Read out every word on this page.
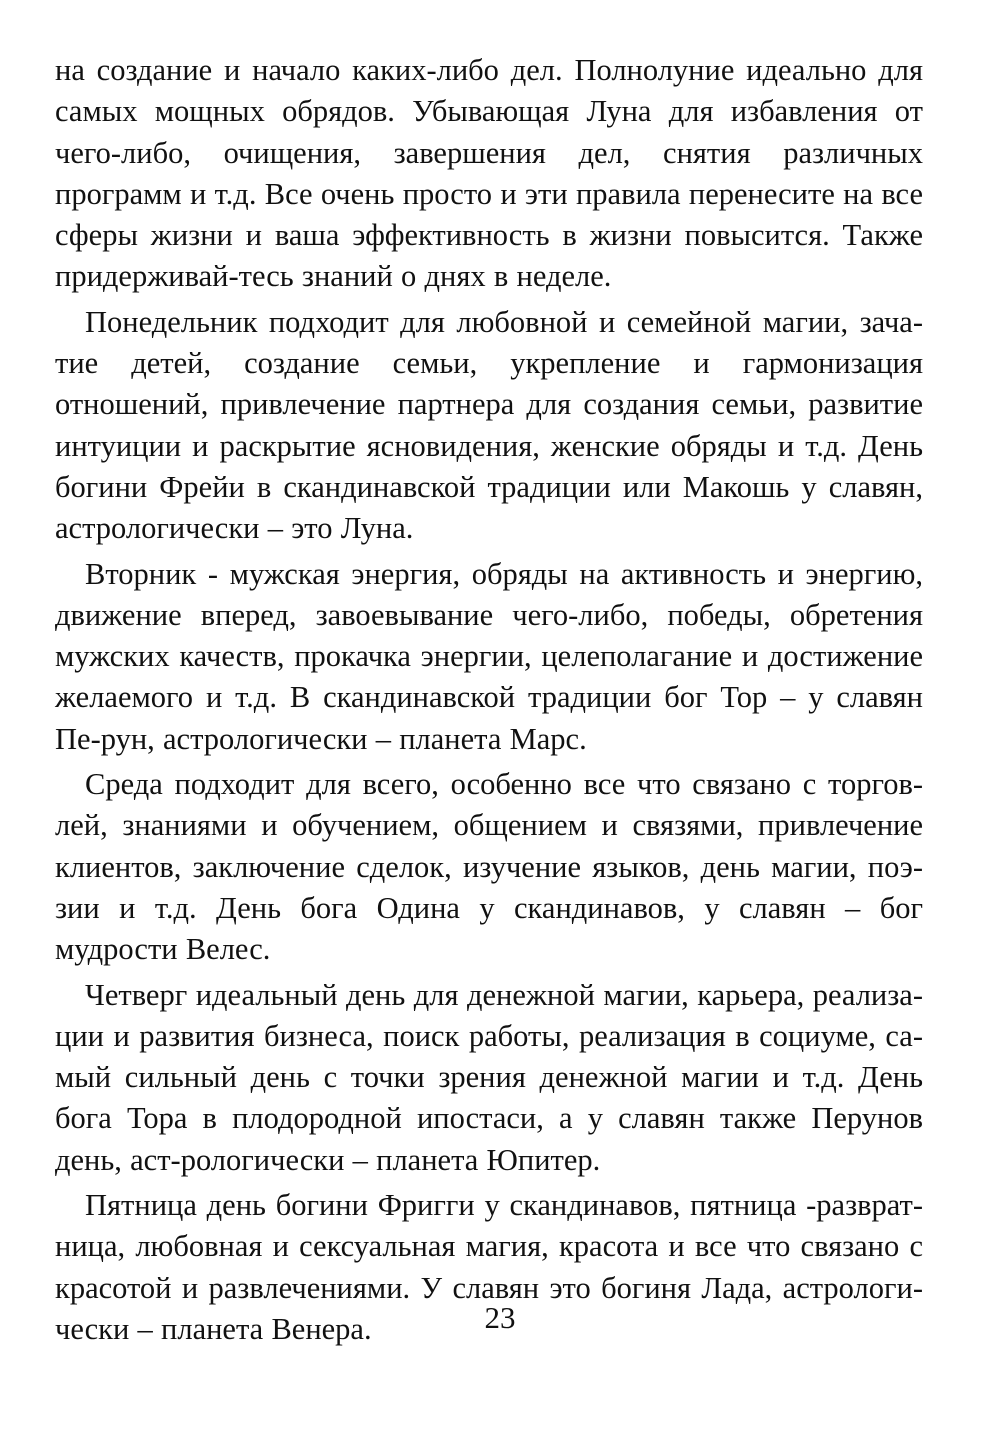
на создание и начало каких-либо дел. Полнолуние идеально для самых мощных обрядов. Убывающая Луна для избавления от чего-либо, очищения, завершения дел, снятия различных программ и т.д. Все очень просто и эти правила перенесите на все сферы жизни и ваша эффективность в жизни повысится. Также придерживай-тесь знаний о днях в неделе.

Понедельник подходит для любовной и семейной магии, зача-тие детей, создание семьи, укрепление и гармонизация отношений, привлечение партнера для создания семьи, развитие интуиции и раскрытие ясновидения, женские обряды и т.д. День богини Фрейи в скандинавской традиции или Макошь у славян, астрологически – это Луна.

Вторник - мужская энергия, обряды на активность и энергию, движение вперед, завоевывание чего-либо, победы, обретения мужских качеств, прокачка энергии, целеполагание и достижение желаемого и т.д. В скандинавской традиции бог Тор – у славян Пе-рун, астрологически – планета Марс.

Среда подходит для всего, особенно все что связано с торгов-лей, знаниями и обучением, общением и связями, привлечение клиентов, заключение сделок, изучение языков, день магии, поэ-зии и т.д. День бога Одина у скандинавов, у славян – бог мудрости Велес.

Четверг идеальный день для денежной магии, карьера, реализа-ции и развития бизнеса, поиск работы, реализация в социуме, са-мый сильный день с точки зрения денежной магии и т.д. День бога Тора в плодородной ипостаси, а у славян также Перунов день, аст-рологически – планета Юпитер.

Пятница день богини Фригги у скандинавов, пятница -разврат-ница, любовная и сексуальная магия, красота и все что связано с красотой и развлечениями. У славян это богиня Лада, астрологи-чески – планета Венера.	23
